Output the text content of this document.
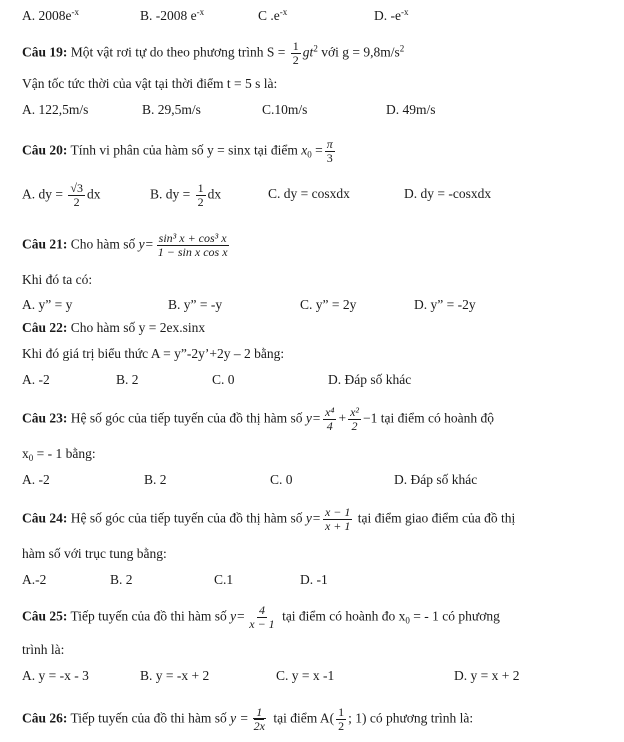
A. $2008e^{-x}$	B. -2008 $e^{-x}$	C $.e^{-x}$	D. $-e^{-x}$
Câu 19: Một vật rơi tự do theo phương trình $S = \frac{1}{2} gt^2$ với $g = 9,8m/s^2$
Vận tốc tức thời của vật tại thời điểm t = 5 s là:
A. 122,5m/s	B. 29,5m/s	C.10m/s	D. 49m/s
Câu 20: Tính vi phân của hàm số y = sinx tại điểm $x_0 = \frac{\pi}{3}$
A. dy = $\frac{√3}{2}$ dx	B. dy = $\frac{1}{2}$ dx	C. dy = cosxdx	D. dy = -cosxdx
Câu 21: Cho hàm số $y= \frac{\text{sin³ x + cos³ x}}{\text{1 − sin x cos x}}$
Khi đó ta có:
A. y” = y	B. y” = -y	C. y” = 2y	D. y” = -2y
Câu 22: Cho hàm số y = 2ex.sinx
Khi đó giá trị biểu thức A = y”-2y’+2y – 2 bằng:
A. -2	B. 2	C. 0	D. Đáp số khác
Câu 23: Hệ số góc của tiếp tuyến của đồ thị hàm số $y= \frac{\text{x⁴}}{4} + \frac{\text{x²}}{2} -1$ tại điểm có hoành độ
$x_0$ = - 1 bằng:
A. -2	B. 2	C. 0	D. Đáp số khác
Câu 24: Hệ số góc của tiếp tuyến của đồ thị hàm số $y= \frac{x - 1}{x + 1}$ tại điểm giao điểm của đồ thị
hàm số với trục tung bằng:
A.-2	B. 2	C.1	D. -1
Câu 25: Tiếp tuyến của đồ thi hàm số $y= \frac{4}{x - 1}$ tại điểm có hoành đo $x_0$ = - 1 có phương
trình là:
A. y = -x - 3	B. y = -x + 2	C. y = x -1	D. y = x + 2
Câu 26: Tiếp tuyến của đồ thi hàm số $y = \frac{1}{2x}$ tại điểm $A( \frac{1}{2}$ ; 1) có phương trình là:
